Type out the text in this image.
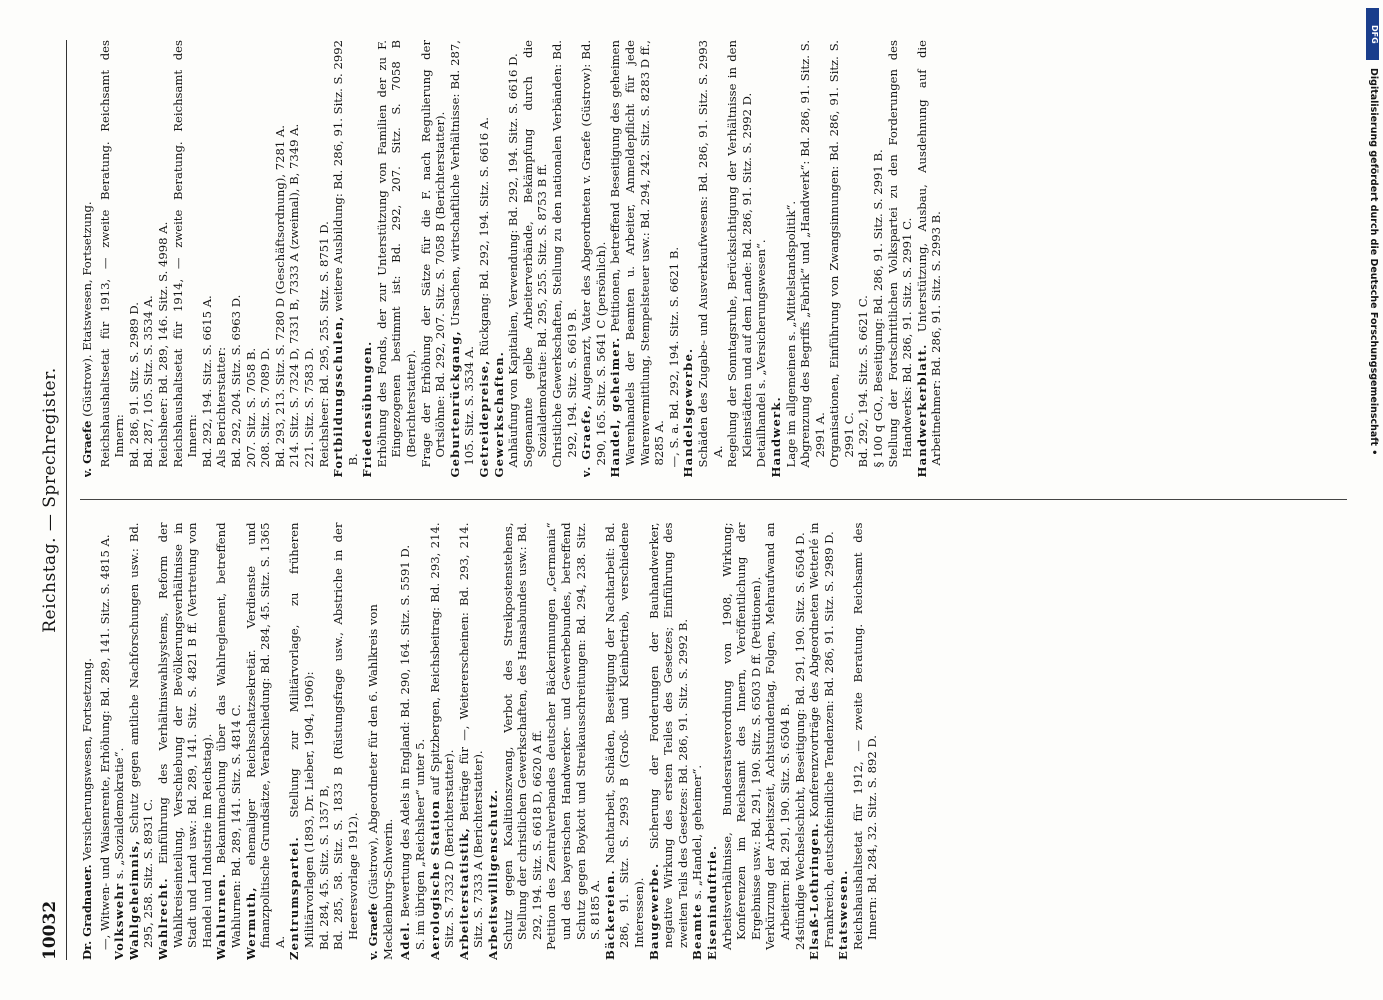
10032
Reichstag. — Sprechregister.
Dr. Gradnauer. Versicherungswesen, Fortsetzung. —, Witwen- und Waisenrente, Erhöhung: Bd. 289, 141. Sitz. S. 4815 A. Volkswehr s. „Sozialdemokratie“.

Wahlgeheimnis, Schutz gegen amtliche Nachforschungen usw.: Bd. 295, 258. Sitz. S. 8931 C. Wahlrecht. Einführung des Verhältniswahlsystems, Reform der Wahlkreiseinteilung, Verschiebung der Bevölkerungsverhältnisse in Stadt und Land usw.: Bd. 289, 141. Sitz. S. 4821 B ff. (Vertretung von Handel und Industrie im Reichstag). Wahlurnen. Bekanntmachung über das Wahlreglement, betreffend Wahlurnen: Bd. 289, 141. Sitz. S. 4814 C. Wermuth, ehemaliger Reichsschatzsekretär. Verdienste und finanzpolitische Grundsätze, Verabschiedung: Bd. 284, 45. Sitz. S. 1365 A. Zentrumspartei. Stellung zur Militärvorlage, zu früheren Militärvorlagen (1893, Dr. Lieber, 1904, 1906): Bd. 284, 45. Sitz. S. 1357 B, Bd. 285, 58. Sitz. S. 1833 B (Rüstungsfrage usw., Abstriche in der Heeresvorlage 1912). v. Graefe (Güstrow), Abgeordneter für den 6. Wahlkreis von Mecklenburg-Schwerin. Adel. Bewertung des Adels in England: Bd. 290, 164. Sitz. S. 5591 D. S. im übrigen „Reichsheer“ unter 5. Aerologische Station auf Spitzbergen, Reichsbeitrag: Bd. 293, 214. Sitz. S. 7332 D (Berichterstatter). Arbeiterstatistik, Beiträge für —, Weitererscheinen: Bd. 293, 214. Sitz. S. 7333 A (Berichterstatter). Arbeitswilligenschutz. Schutz gegen Koalitionszwang, Verbot des Streikpostenstehens, Stellung der christlichen Gewerkschaften, des Hansabundes usw.: Bd. 292, 194. Sitz. S. 6618 D, 6620 A ff. Petition des Zentralverbandes deutscher Bäckerinnungen „Germania“ und des bayerischen Handwerker- und Gewerbebundes, betreffend Schutz gegen Boykott und Streikausschreitungen: Bd. 294, 238. Sitz. S. 8185 A. Bäckereien. Nachtarbeit, Schäden, Beseitigung der Nachtarbeit: Bd. 286, 91. Sitz. S. 2993 B (Groß- und Kleinbetrieb, verschiedene Interessen). Baugewerbe. Sicherung der Forderungen der Bauhandwerker, negative Wirkung des ersten Teiles des Gesetzes; Einführung des zweiten Teils des Gesetzes: Bd. 286, 91. Sitz. S. 2992 B. Beamte s. „Handel, geheimer“.

Eiseninduftrie. Arbeitsverhältnisse, Bundesratsverordnung von 1908, Wirkung; Konferenzen im Reichsamt des Innern, Veröffentlichung der Ergebnisse usw.: Bd. 291, 190. Sitz. S. 6503 D ff. (Petitionen). Verkürzung der Arbeitszeit, Achtstundentag, Folgen, Mehraufwand an Arbeitern: Bd. 291, 190. Sitz. S. 6504 B. 24stündige Wechselschicht, Beseitigung: Bd. 291, 190. Sitz. S. 6504 D. Elsaß-Lothringen. Konferenzvorträge des Abgeordneten Wetterlé in Frankreich, deutschfeindliche Tendenzen: Bd. 286, 91. Sitz. S. 2989 D. Etatswesen. Reichshaushaltsetat für 1912, — zweite Beratung. Reichsamt des Innern: Bd. 284, 32. Sitz. S. 892 D.

v. Graefe (Güstrow). Etatswesen, Fortsetzung. Reichshaushaltsetat für 1913, — zweite Beratung. Reichsamt des Innern: Bd. 286, 91. Sitz. S. 2989 D. Bd. 287, 105. Sitz. S. 3534 A. Reichsheer: Bd. 289, 146. Sitz. S. 4998 A. Reichshaushaltsetat für 1914, — zweite Beratung. Reichsamt des Innern: Bd. 292, 194. Sitz. S. 6615 A. Als Berichterstatter: Bd. 292, 204. Sitz. S. 6963 D. 207. Sitz. S. 7058 B. 208. Sitz. S. 7089 D. Bd. 293, 213. Sitz. S. 7280 D (Geschäftsordnung), 7281 A. 214. Sitz. S. 7324 D, 7331 B, 7333 A (zweimal), B, 7349 A. 221. Sitz. S. 7583 D. Reichsheer: Bd. 295, 255. Sitz. S. 8751 D. Fortbildungsschulen, weitere Ausbildung: Bd. 286, 91. Sitz. S. 2992 B. Friedensübungen. Erhöhung des Fonds, der zur Unterstützung von Familien der zu F. Eingezogenen bestimmt ist: Bd. 292, 207. Sitz. S. 7058 B (Berichterstatter). Frage der Erhöhung der Sätze für die F. nach Regulierung der Ortslöhne: Bd. 292, 207. Sitz. S. 7058 B (Berichterstatter). Geburtenrückgang, Ursachen, wirtschaftliche Verhältnisse: Bd. 287, 105. Sitz. S. 3534 A. Getreidepreise, Rückgang: Bd. 292, 194. Sitz. S. 6616 A.

Gewerkschaften. Anhäufung von Kapitalien, Verwendung: Bd. 292, 194. Sitz. S. 6616 D. Sogenannte gelbe Arbeiterverbände, Bekämpfung durch die Sozialdemokratie: Bd. 295, 255. Sitz. S. 8753 B ff. Christliche Gewerkschaften, Stellung zu den nationalen Verbänden: Bd. 292, 194. Sitz. S. 6619 B. v. Graefe, Augenarzt, Vater des Abgeordneten v. Graefe (Güstrow): Bd. 290, 165. Sitz. S. 5641 C (persönlich). Handel, geheimer. Petitionen, betreffend Beseitigung des geheimen Warenhandels der Beamten u. Arbeiter, Anmeldepflicht für jede Warenvermittlung, Stempelsteuer usw.: Bd. 294, 242. Sitz. S. 8283 D ff., 8285 A. —, S. a. Bd. 292, 194. Sitz. S. 6621 B. Handelsgewerbe. Schäden des Zugabe- und Ausverkaufwesens: Bd. 286, 91. Sitz. S. 2993 A. Regelung der Sonntagsruhe, Berücksichtigung der Verhältnisse in den Kleinstädten und auf dem Lande: Bd. 286, 91. Sitz. S. 2992 D. Detailhandel s. „Versicherungswesen“. Handwerk. Lage im allgemeinen s. „Mittelstandspolitik“. Abgrenzung des Begriffs „Fabrik“ und „Handwerk“: Bd. 286, 91. Sitz. S. 2991 A. Organisationen, Einführung von Zwangsinnungen: Bd. 286, 91. Sitz. S. 2991 C. Bd. 292, 194. Sitz. S. 6621 C. § 100 q GO., Beseitigung: Bd. 286, 91. Sitz. S. 2991 B. Stellung der Fortschrittlichen Volkspartei zu den Forderungen des Handwerks: Bd. 286, 91. Sitz. S. 2991 C. Handwerkerblatt. Unterstützung, Ausbau, Ausdehnung auf die Arbeitnehmer: Bd. 286, 91. Sitz. S. 2993 B.

DFG
Digitalisierung gefördert durch die Deutsche Forschungsgemeinschaft •
